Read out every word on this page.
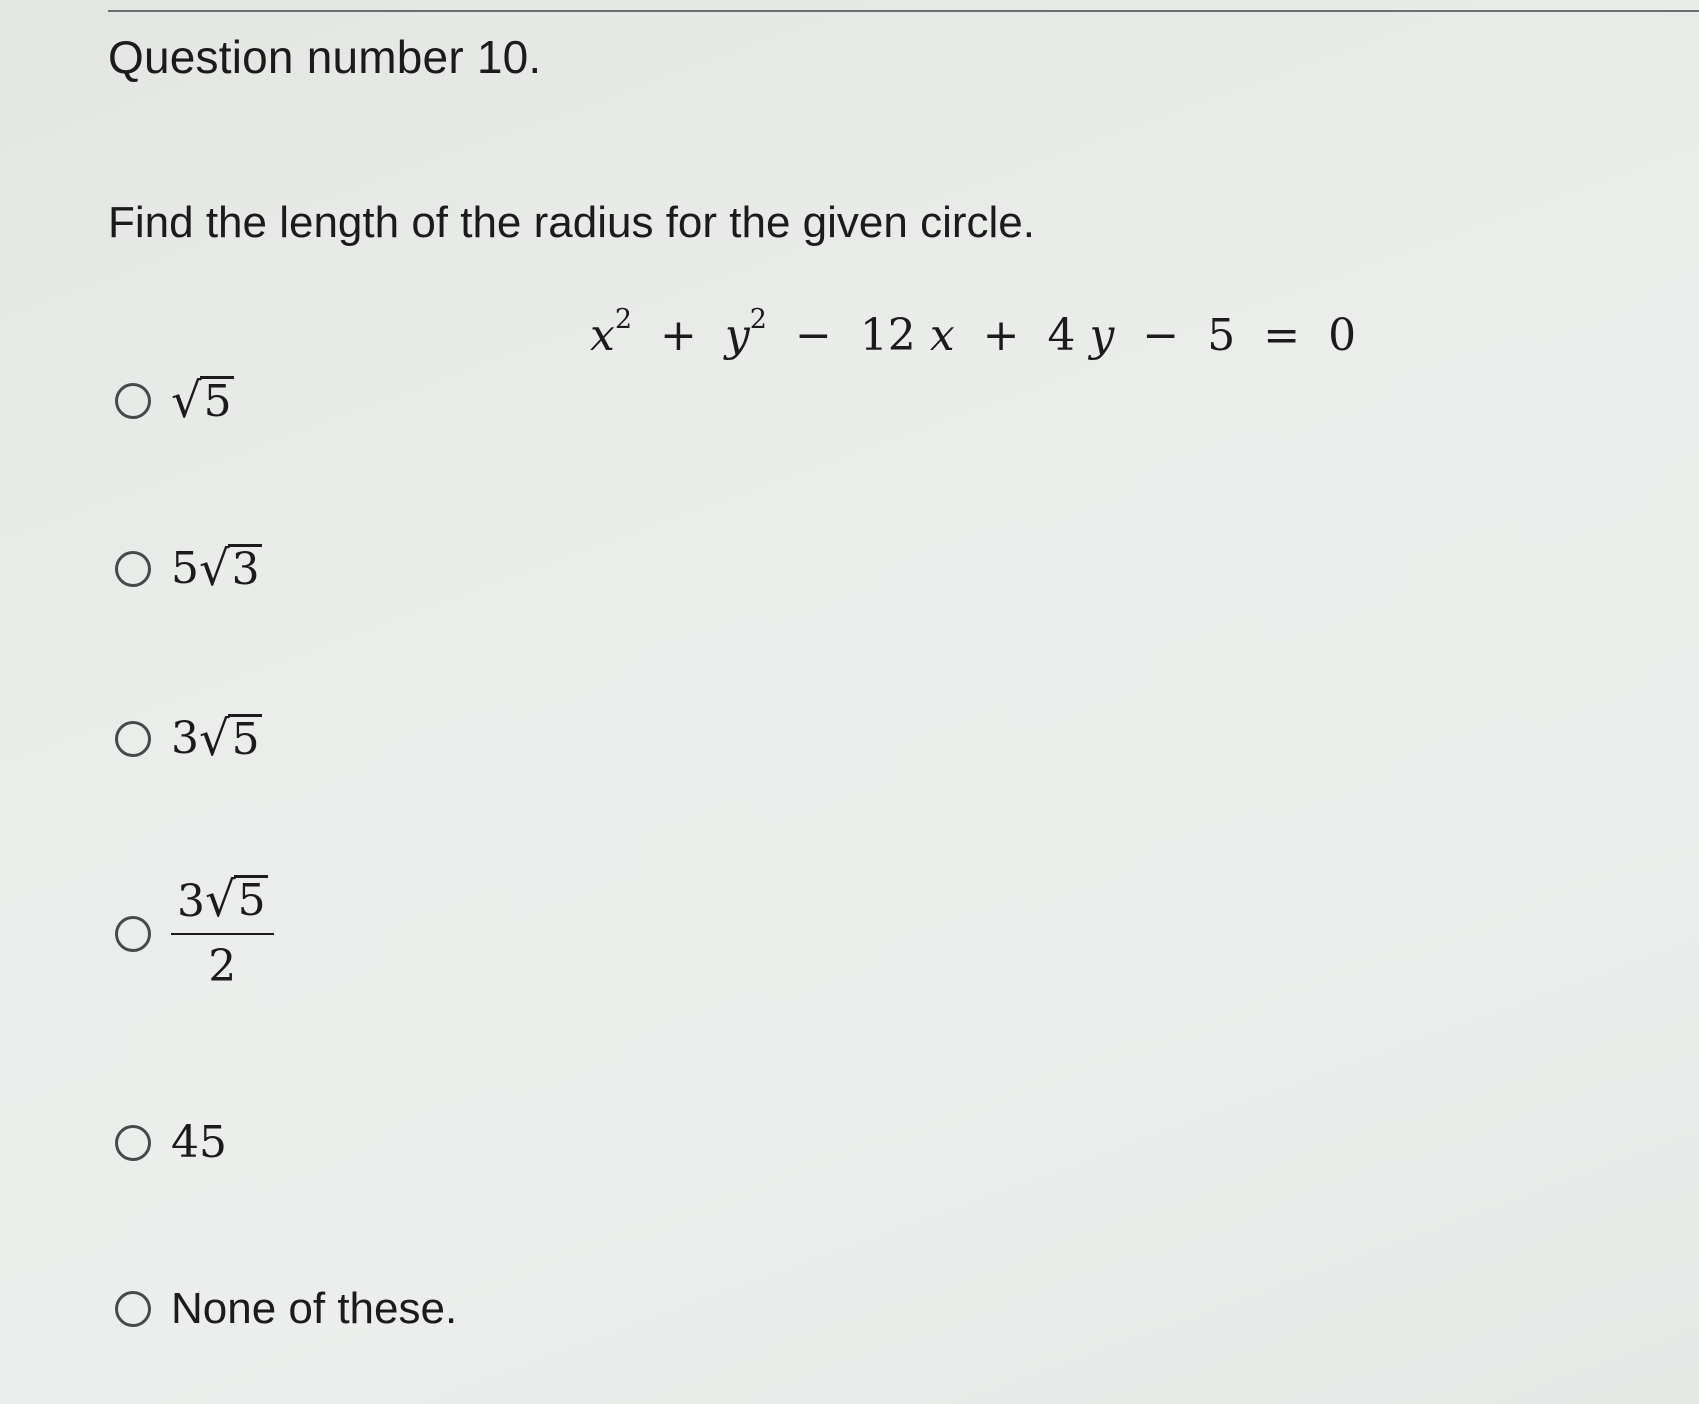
Question number 10.
Find the length of the radius for the given circle.
$x^2 + y^2 - 12$ x + 4 y − 5 = 0
√ 5
5 √ 3
3 √ 5
$\frac{3 √ 5}{2}$
45
None of these.
